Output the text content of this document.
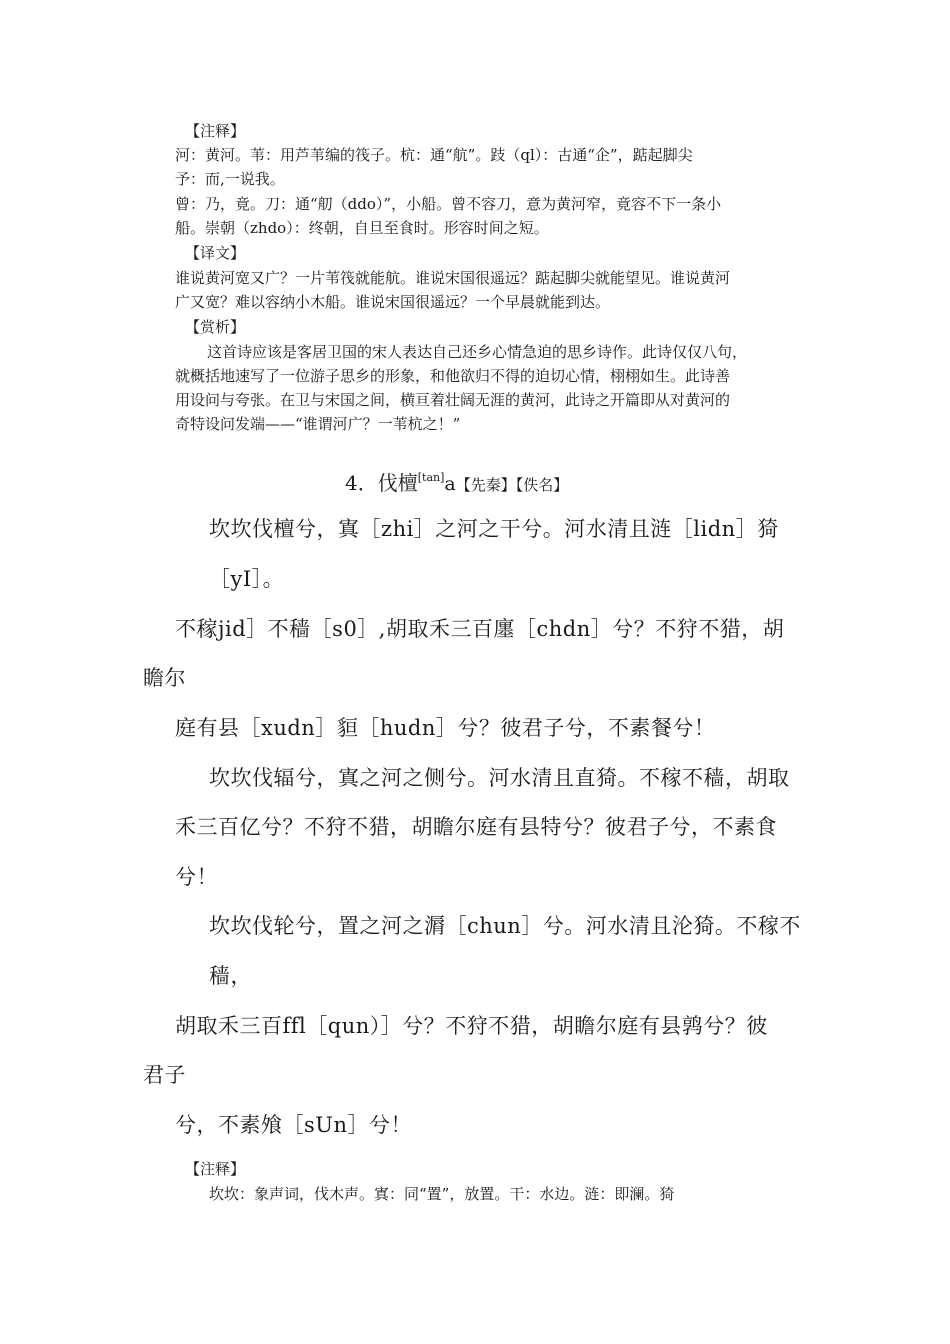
【注释】

河：黄河。苇：用芦苇编的筏子。杭：通“航”。跂（ql）：古通“企”，踮起脚尖

予：而,一说我。

曾：乃，竟。刀：通“舠（ddo）”，小船。曾不容刀，意为黄河窄，竟容不下一条小

船。崇朝（zhdo）：终朝，自旦至食时。形容时间之短。

【译文】

谁说黄河宽又广？一片苇筏就能航。谁说宋国很遥远？踮起脚尖就能望见。谁说黄河

广又宽？难以容纳小木船。谁说宋国很遥远？一个早晨就能到达。

【赏析】

这首诗应该是客居卫国的宋人表达自己还乡心情急迫的思乡诗作。此诗仅仅八句，

就概括地速写了一位游子思乡的形象，和他欲归不得的迫切心情，栩栩如生。此诗善

用设问与夸张。在卫与宋国之间，横亘着壮阔无涯的黄河，此诗之开篇即从对黄河的

奇特设问发端——“谁谓河广？一苇杭之！”

4．伐檀[tan]a【先秦】【佚名】

坎坎伐檀兮，寘［zhi］之河之干兮。河水清且涟［lidn］猗

［yI］。

不稼jid］不穑［s0］,胡取禾三百廛［chdn］兮？不狩不猎，胡

瞻尔

庭有县［xudn］貆［hudn］兮？彼君子兮，不素餐兮！

坎坎伐辐兮，寘之河之侧兮。河水清且直猗。不稼不穑，胡取

禾三百亿兮？不狩不猎，胡瞻尔庭有县特兮？彼君子兮，不素食

兮！

坎坎伐轮兮，置之河之漘［chun］兮。河水清且沦猗。不稼不

穑，

胡取禾三百ffl［qun）］兮？不狩不猎，胡瞻尔庭有县鹑兮？彼

君子

兮，不素飧［sUn］兮！

【注释】

坎坎：象声词，伐木声。寘：同“置”，放置。干：水边。涟：即澜。猗
